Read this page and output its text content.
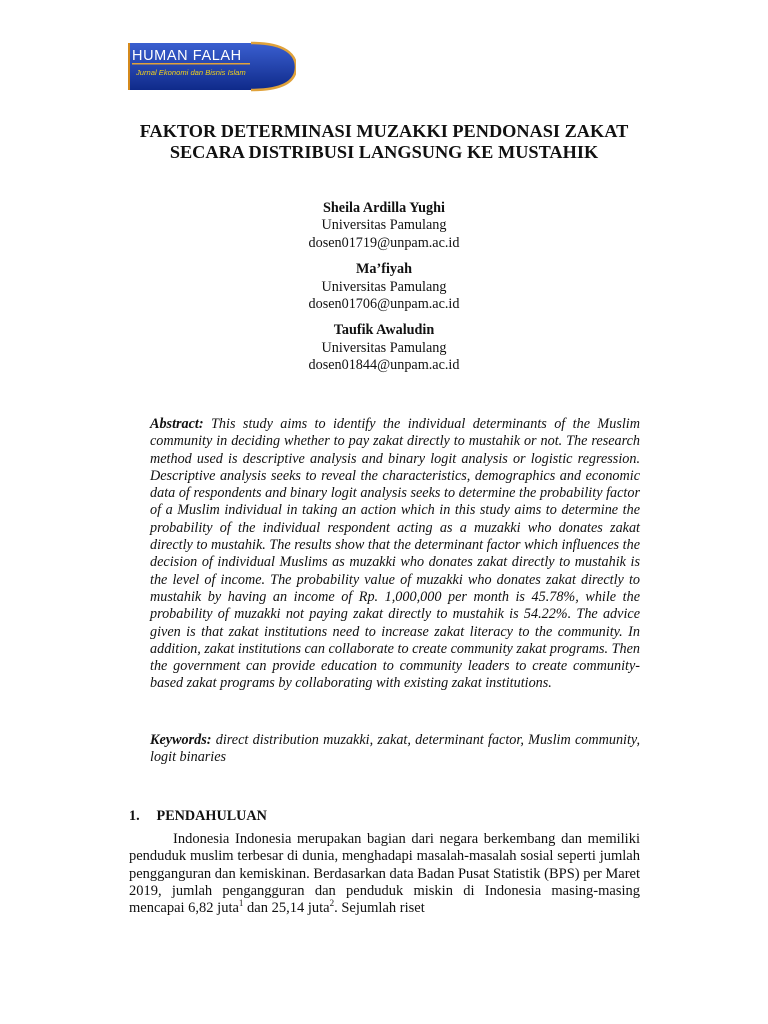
HUMAN FALAH
Jurnal Ekonomi dan Bisnis Islam
FAKTOR DETERMINASI MUZAKKI PENDONASI ZAKAT
SECARA DISTRIBUSI LANGSUNG KE MUSTAHIK
Sheila Ardilla Yughi
Universitas Pamulang
dosen01719@unpam.ac.id
Ma’fiyah
Universitas Pamulang
dosen01706@unpam.ac.id
Taufik Awaludin
Universitas Pamulang
dosen01844@unpam.ac.id

Abstract: This study aims to identify the individual determinants of the Muslim community in deciding whether to pay zakat directly to mustahik or not. The research method used is descriptive analysis and binary logit analysis or logistic regression. Descriptive analysis seeks to reveal the characteristics, demographics and economic data of respondents and binary logit analysis seeks to determine the probability factor of a Muslim individual in taking an action which in this study aims to determine the probability of the individual respondent acting as a muzakki who donates zakat directly to mustahik. The results show that the determinant factor which influences the decision of individual Muslims as muzakki who donates zakat directly to mustahik is the level of income. The probability value of muzakki who donates zakat directly to mustahik by having an income of Rp. 1,000,000 per month is 45.78%, while the probability of muzakki not paying zakat directly to mustahik is 54.22%. The advice given is that zakat institutions need to increase zakat literacy to the community. In addition, zakat institutions can collaborate to create community zakat programs. Then the government can provide education to community leaders to create community-based zakat programs by collaborating with existing zakat institutions.

Keywords: direct distribution muzakki, zakat, determinant factor, Muslim community, logit binaries

1. PENDAHULUAN

Indonesia Indonesia merupakan bagian dari negara berkembang dan memiliki penduduk muslim terbesar di dunia, menghadapi masalah-masalah sosial seperti jumlah pengganguran dan kemiskinan. Berdasarkan data Badan Pusat Statistik (BPS) per Maret 2019, jumlah pengangguran dan penduduk miskin di Indonesia masing-masing mencapai 6,82 juta$^1$ dan 25,14 juta$^2$. Sejumlah riset
